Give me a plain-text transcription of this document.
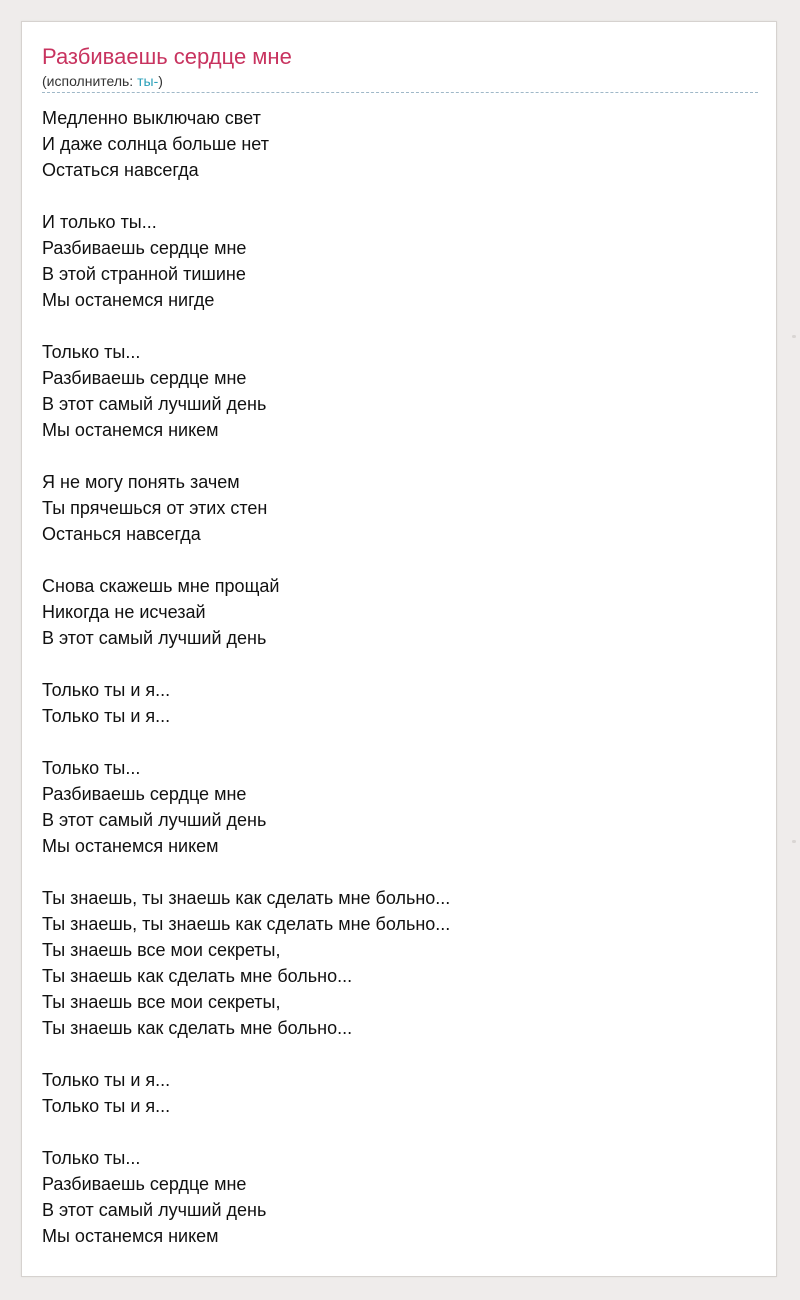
Разбиваешь сердце мне
(исполнитель: ты-)
Медленно выключаю свет
И даже солнца больше нет
Остаться навсегда
И только ты...
Разбиваешь сердце мне
В этой странной тишине
Мы останемся нигде
Только ты...
Разбиваешь сердце мне
В этот самый лучший день
Мы останемся никем
Я не могу понять зачем
Ты прячешься от этих стен
Останься навсегда
Снова скажешь мне прощай
Никогда не исчезай
В этот самый лучший день
Только ты и я...
Только ты и я...
Только ты...
Разбиваешь сердце мне
В этот самый лучший день
Мы останемся никем
Ты знаешь, ты знаешь как сделать мне больно...
Ты знаешь, ты знаешь как сделать мне больно...
Ты знаешь все мои секреты,
Ты знаешь как сделать мне больно...
Ты знаешь все мои секреты,
Ты знаешь как сделать мне больно...
Только ты и я...
Только ты и я...
Только ты...
Разбиваешь сердце мне
В этот самый лучший день
Мы останемся никем
